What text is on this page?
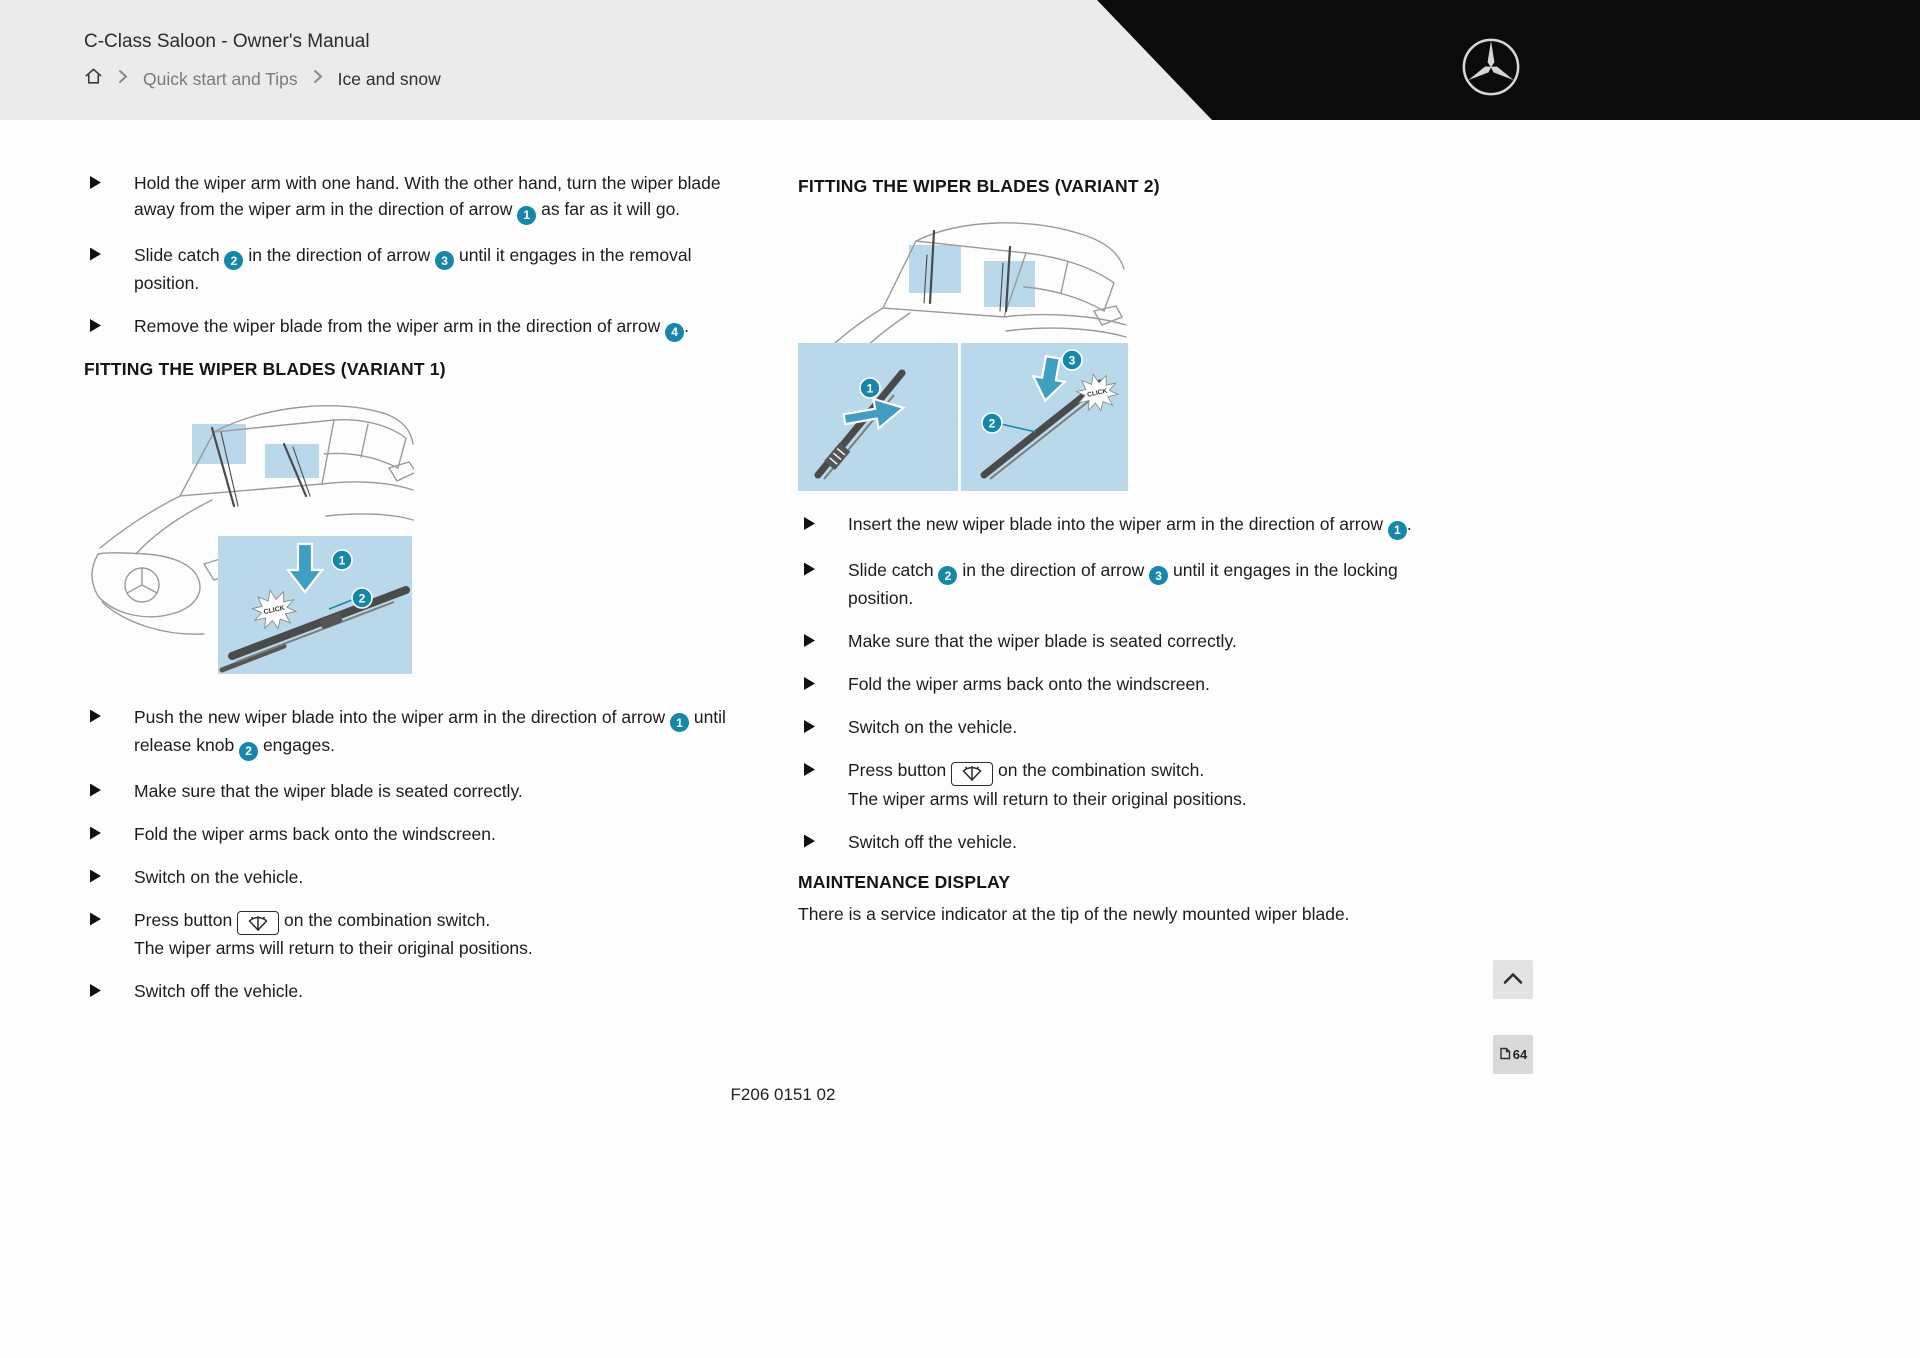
C-Class Saloon - Owner's Manual
Quick start and Tips Ice and snow
Hold the wiper arm with one hand. With the other hand, turn the wiper blade away from the wiper arm in the direction of arrow 1 as far as it will go.
Slide catch 2 in the direction of arrow 3 until it engages in the removal position.
Remove the wiper blade from the wiper arm in the direction of arrow 4 .
FITTING THE WIPER BLADES (VARIANT 1)
CLICK
1
2
Push the new wiper blade into the wiper arm in the direction of arrow 1 until release knob 2 engages.
Make sure that the wiper blade is seated correctly.
Fold the wiper arms back onto the windscreen.
Switch on the vehicle.
Press button
on the combination switch.
The wiper arms will return to their original positions.
Switch off the vehicle.
FITTING THE WIPER BLADES (VARIANT 2)
CLICK
1
2
3
Insert the new wiper blade into the wiper arm in the direction of arrow 1 .
Slide catch 2 in the direction of arrow 3 until it engages in the locking position.
Make sure that the wiper blade is seated correctly.
Fold the wiper arms back onto the windscreen.
Switch on the vehicle.
Press button
on the combination switch.
The wiper arms will return to their original positions.
Switch off the vehicle.
MAINTENANCE DISPLAY

There is a service indicator at the tip of the newly mounted wiper blade.

F206 0151 02
64
